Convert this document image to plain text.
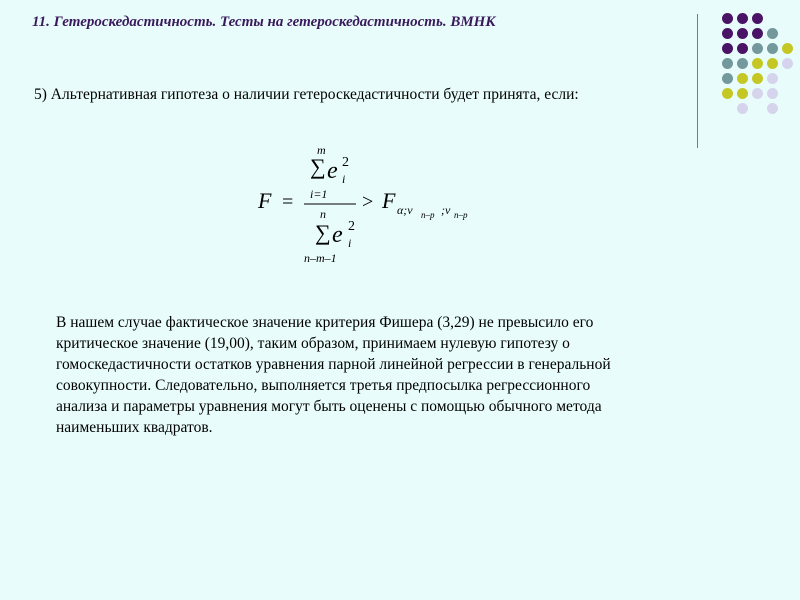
11. Гетероскедастичность. Тесты на гетероскедастичность. ВМНК
5) Альтернативная гипотеза о наличии гетероскедастичности будет принята, если:
F =
m
∑ e 2
i
i=1
n
∑ e 2
i
n–m–1
> F α;ν n–p ;ν n–p
В нашем случае фактическое значение критерия Фишера (3,29) не превысило его
критическое значение (19,00), таким образом, принимаем нулевую гипотезу о
гомоскедастичности остатков уравнения парной линейной регрессии в генеральной
совокупности. Следовательно, выполняется третья предпосылка регрессионного
анализа и параметры уравнения могут быть оценены с помощью обычного метода
наименьших квадратов.
